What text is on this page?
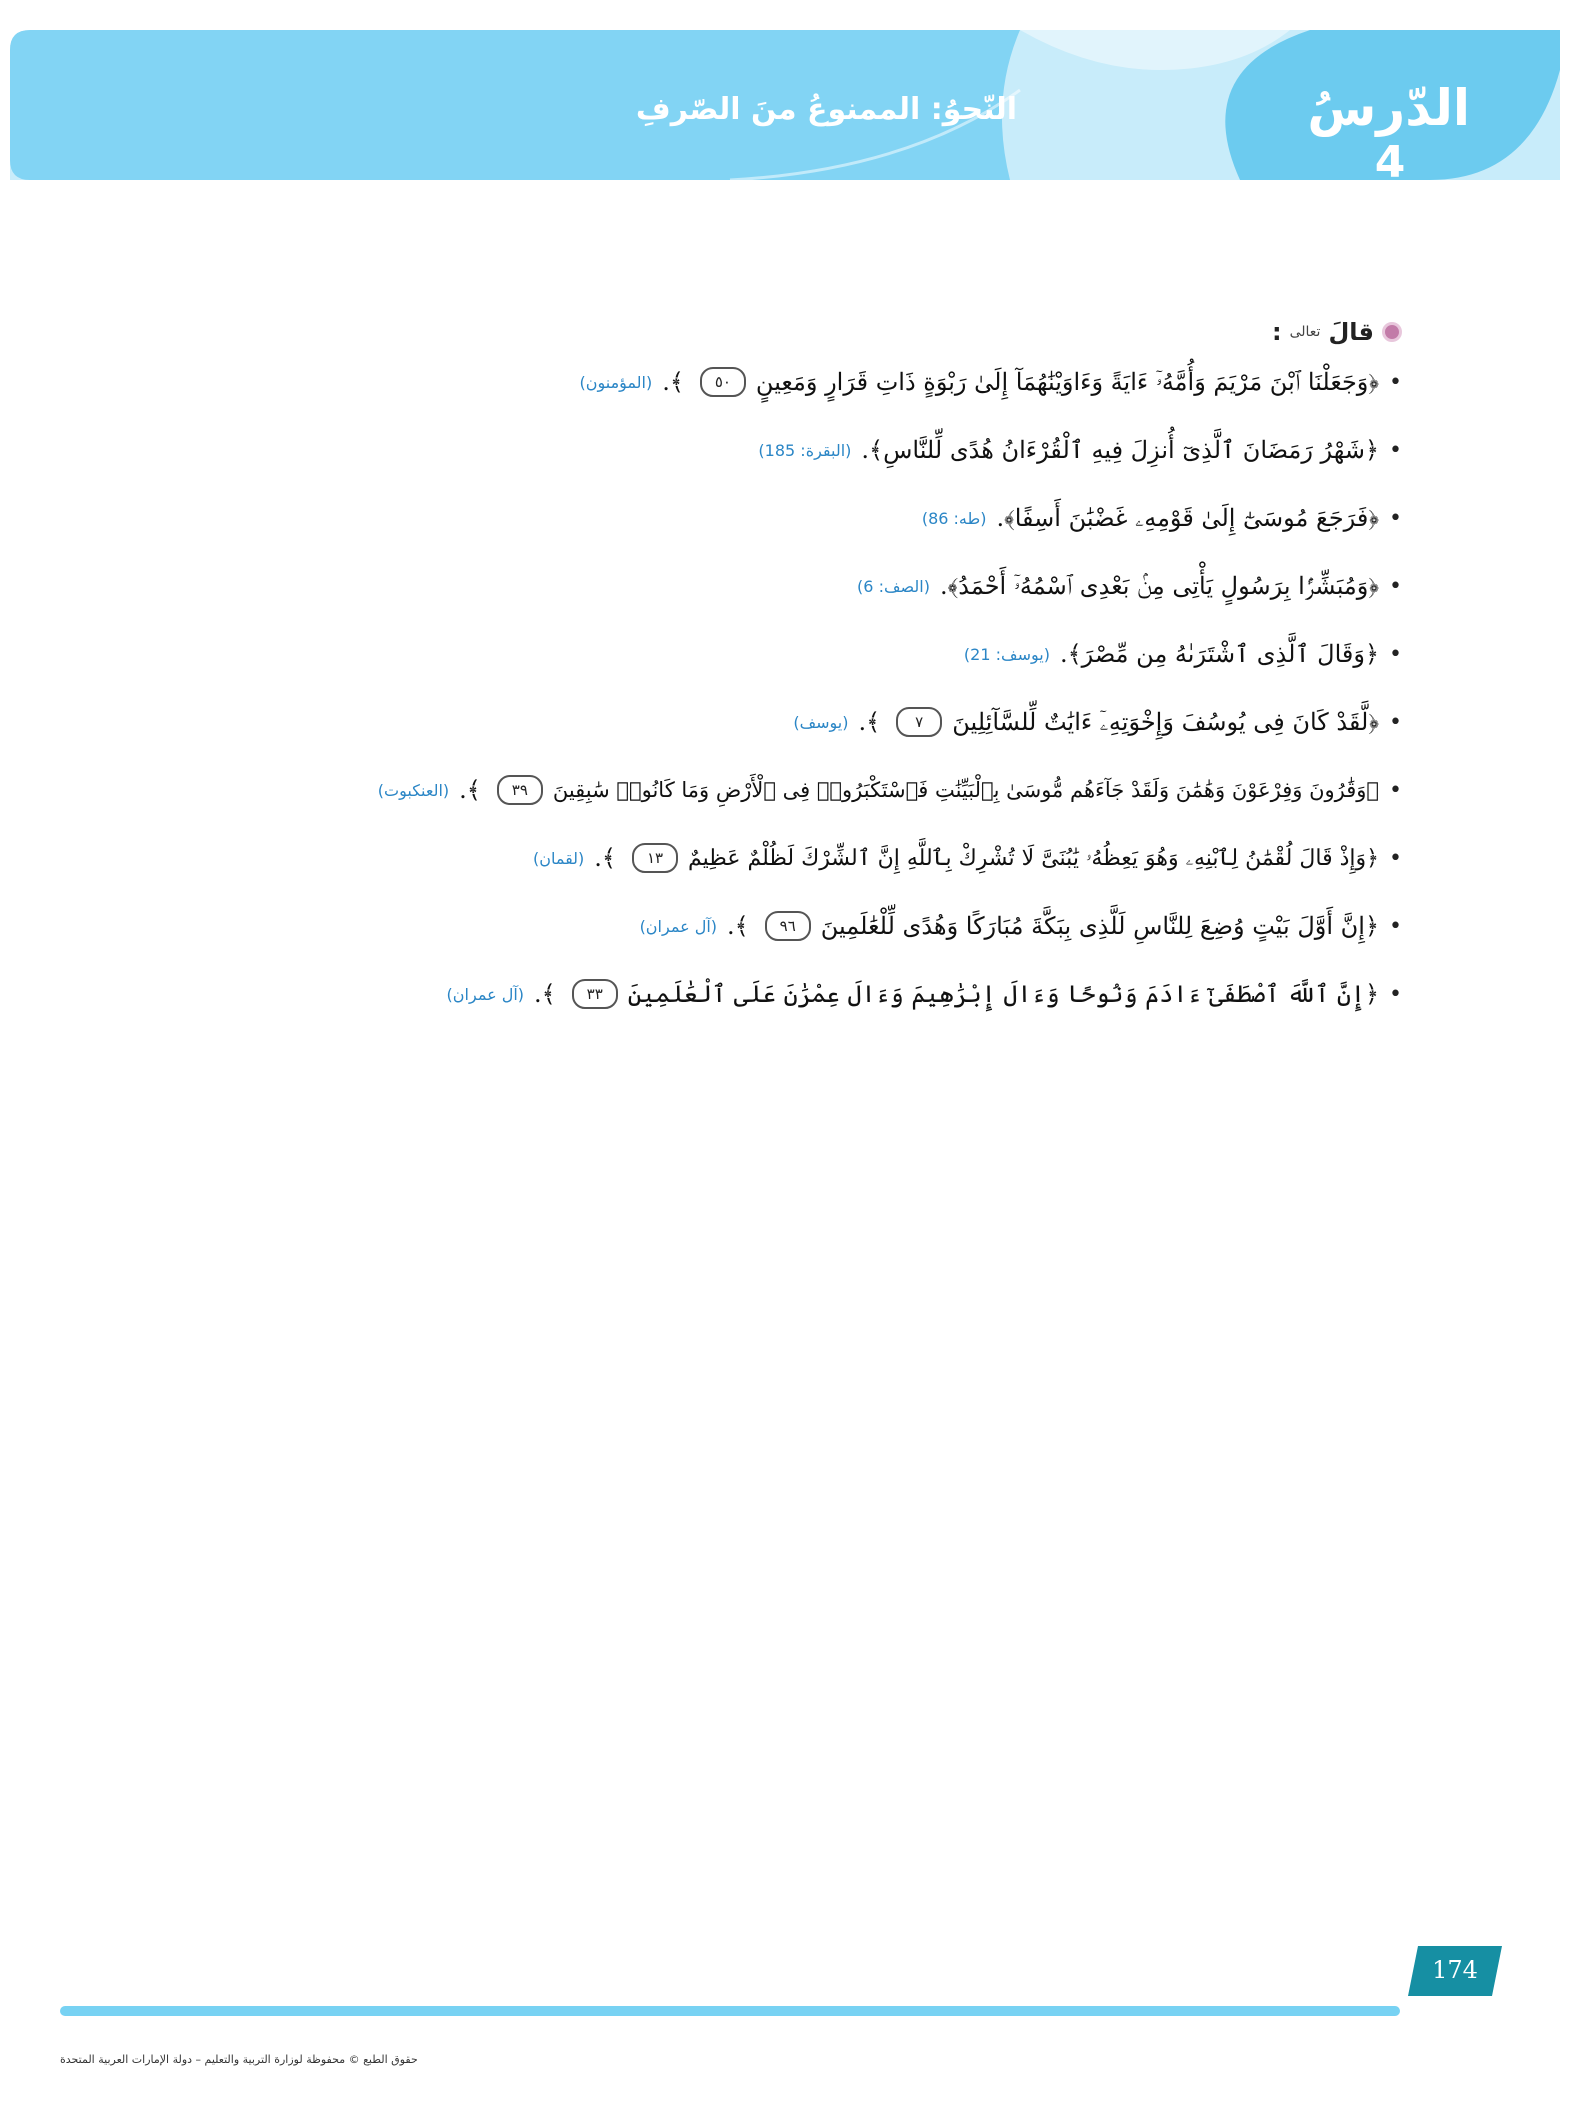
الدّرسُ
4
النّحوُ: الممنوعُ منَ الصّرفِ
قالَ
تعالى
:
•
﴿وَجَعَلْنَا ٱبْنَ مَرْيَمَ وَأُمَّهُۥٓ ءَايَةً وَءَاوَيْنَٰهُمَآ إِلَىٰ رَبْوَةٍ ذَاتِ قَرَارٍ وَمَعِينٍ
٥٠
﴾.
(المؤمنون)
•
﴿شَهْرُ رَمَضَانَ ٱلَّذِىٓ أُنزِلَ فِيهِ ٱلْقُرْءَانُ هُدًى لِّلنَّاسِ﴾.
(البقرة: 185)
•
﴿فَرَجَعَ مُوسَىٰٓ إِلَىٰ قَوْمِهِۦ غَضْبَٰنَ أَسِفًا﴾.
(طه: 86)
•
﴿وَمُبَشِّرًۢا بِرَسُولٍ يَأْتِى مِنۢ بَعْدِى ٱسْمُهُۥٓ أَحْمَدُ﴾.
(الصف: 6)
•
﴿وَقَالَ ٱلَّذِى ٱشْتَرَىٰهُ مِن مِّصْرَ﴾.
(يوسف: 21)
•
﴿لَّقَدْ كَانَ فِى يُوسُفَ وَإِخْوَتِهِۦٓ ءَايَٰتٌ لِّلسَّآئِلِينَ
٧
﴾.
(يوسف)
•
﴿وَقَٰرُونَ وَفِرْعَوْنَ وَهَٰمَٰنَ وَلَقَدْ جَآءَهُم مُّوسَىٰ بِٱلْبَيِّنَٰتِ فَٱسْتَكْبَرُوا۟ فِى ٱلْأَرْضِ وَمَا كَانُوا۟ سَٰبِقِينَ
٣٩
﴾.
(العنكبوت)
•
﴿وَإِذْ قَالَ لُقْمَٰنُ لِٱبْنِهِۦ وَهُوَ يَعِظُهُۥ يَٰبُنَىَّ لَا تُشْرِكْ بِٱللَّهِ إِنَّ ٱلشِّرْكَ لَظُلْمٌ عَظِيمٌ
١٣
﴾.
(لقمان)
•
﴿إِنَّ أَوَّلَ بَيْتٍ وُضِعَ لِلنَّاسِ لَلَّذِى بِبَكَّةَ مُبَارَكًا وَهُدًى لِّلْعَٰلَمِينَ
٩٦
﴾.
(آل عمران)
•
﴿إِنَّ ٱللَّهَ ٱصْطَفَىٰٓ ءَادَمَ وَنُوحًا وَءَالَ إِبْرَٰهِيمَ وَءَالَ عِمْرَٰنَ عَلَى ٱلْعَٰلَمِينَ
٣٣
﴾.
(آل عمران)
174
حقوق الطبع © محفوظة لوزارة التربية والتعليم – دولة الإمارات العربية المتحدة
